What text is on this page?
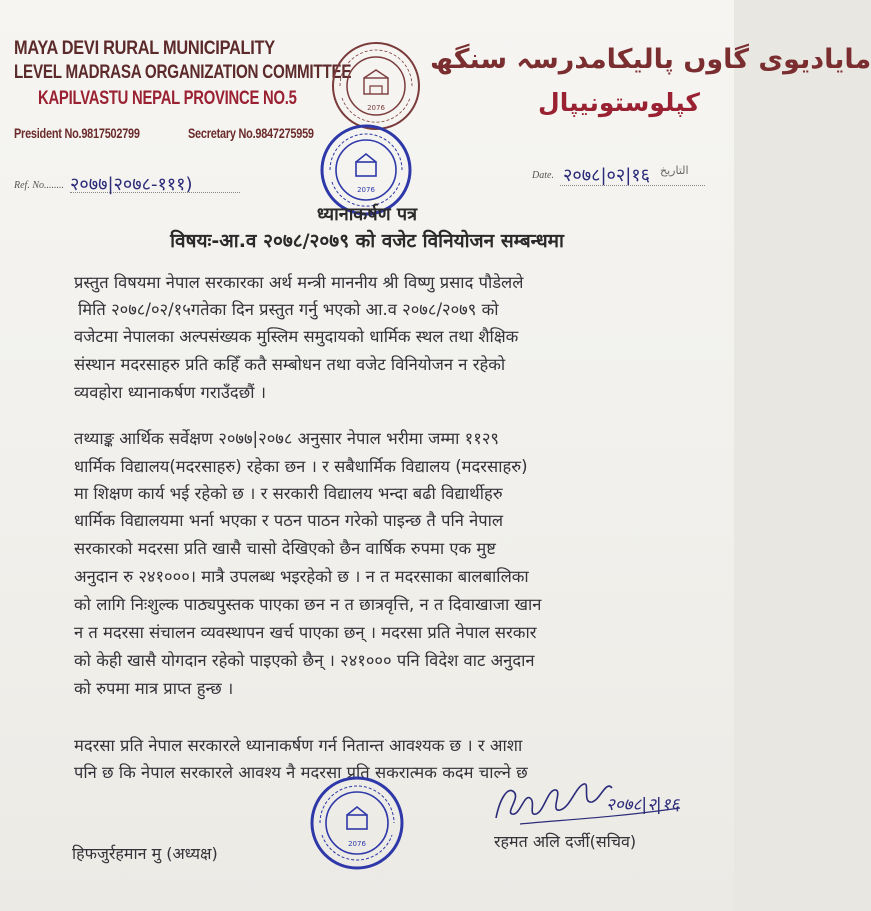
MAYA DEVI RURAL MUNICIPALITY
LEVEL MADRASA ORGANIZATION COMMITTEE
KAPILVASTU NEPAL PROVINCE NO.5
President No.9817502799	Secretary No.9847275959
مایادیوی گاوں پالیکامدرسہ سنگھ
کپلوستونیپال
2076
2076
Ref. No........ २०७७|२०७८-१११)	Date. २०७८|०२|१६ التاریخ
ध्यानाकर्षण पत्र
विषयः-आ.व २०७८/२०७९ को वजेट विनियोजन सम्बन्धमा
प्रस्तुत विषयमा नेपाल सरकारका अर्थ मन्त्री माननीय श्री विष्णु प्रसाद पौडेलले
मिति २०७८/०२/१५गतेका दिन प्रस्तुत गर्नु भएको आ.व २०७८/२०७९ को
वजेटमा नेपालका अल्पसंख्यक मुस्लिम समुदायको धार्मिक स्थल तथा शैक्षिक
संस्थान मदरसाहरु प्रति कहिँ कतै सम्बोधन तथा वजेट विनियोजन न रहेको
व्यवहोरा ध्यानाकर्षण गराउँदछौं ।
तथ्याङ्क आर्थिक सर्वेक्षण २०७७|२०७८ अनुसार नेपाल भरीमा जम्मा ११२९
धार्मिक विद्यालय(मदरसाहरु) रहेका छन । र सबैधार्मिक विद्यालय (मदरसाहरु)
मा शिक्षण कार्य भई रहेको छ । र सरकारी विद्यालय भन्दा बढी विद्यार्थीहरु
धार्मिक विद्यालयमा भर्ना भएका र पठन पाठन गरेको पाइन्छ तै पनि नेपाल
सरकारको मदरसा प्रति खासै चासो देखिएको छैन वार्षिक रुपमा एक मुष्ट
अनुदान रु २४१०००। मात्रै उपलब्ध भइरहेको छ । न त मदरसाका बालबालिका
को लागि निःशुल्क पाठ्यपुस्तक पाएका छन न त छात्रवृत्ति, न त दिवाखाजा खान
न त मदरसा संचालन व्यवस्थापन खर्च पाएका छन् । मदरसा प्रति नेपाल सरकार
को केही खासै योगदान रहेको पाइएको छैन् । २४१००० पनि विदेश वाट अनुदान
को रुपमा मात्र प्राप्त हुन्छ ।
मदरसा प्रति नेपाल सरकारले ध्यानाकर्षण गर्न नितान्त आवश्यक छ । र आशा
पनि छ कि नेपाल सरकारले आवश्य नै मदरसा प्रति सकरात्मक कदम चाल्ने छ
2076
२०७८|२|१६
हिफजुर्रहमान मु (अध्यक्ष)
रहमत अलि दर्जी(सचिव)
